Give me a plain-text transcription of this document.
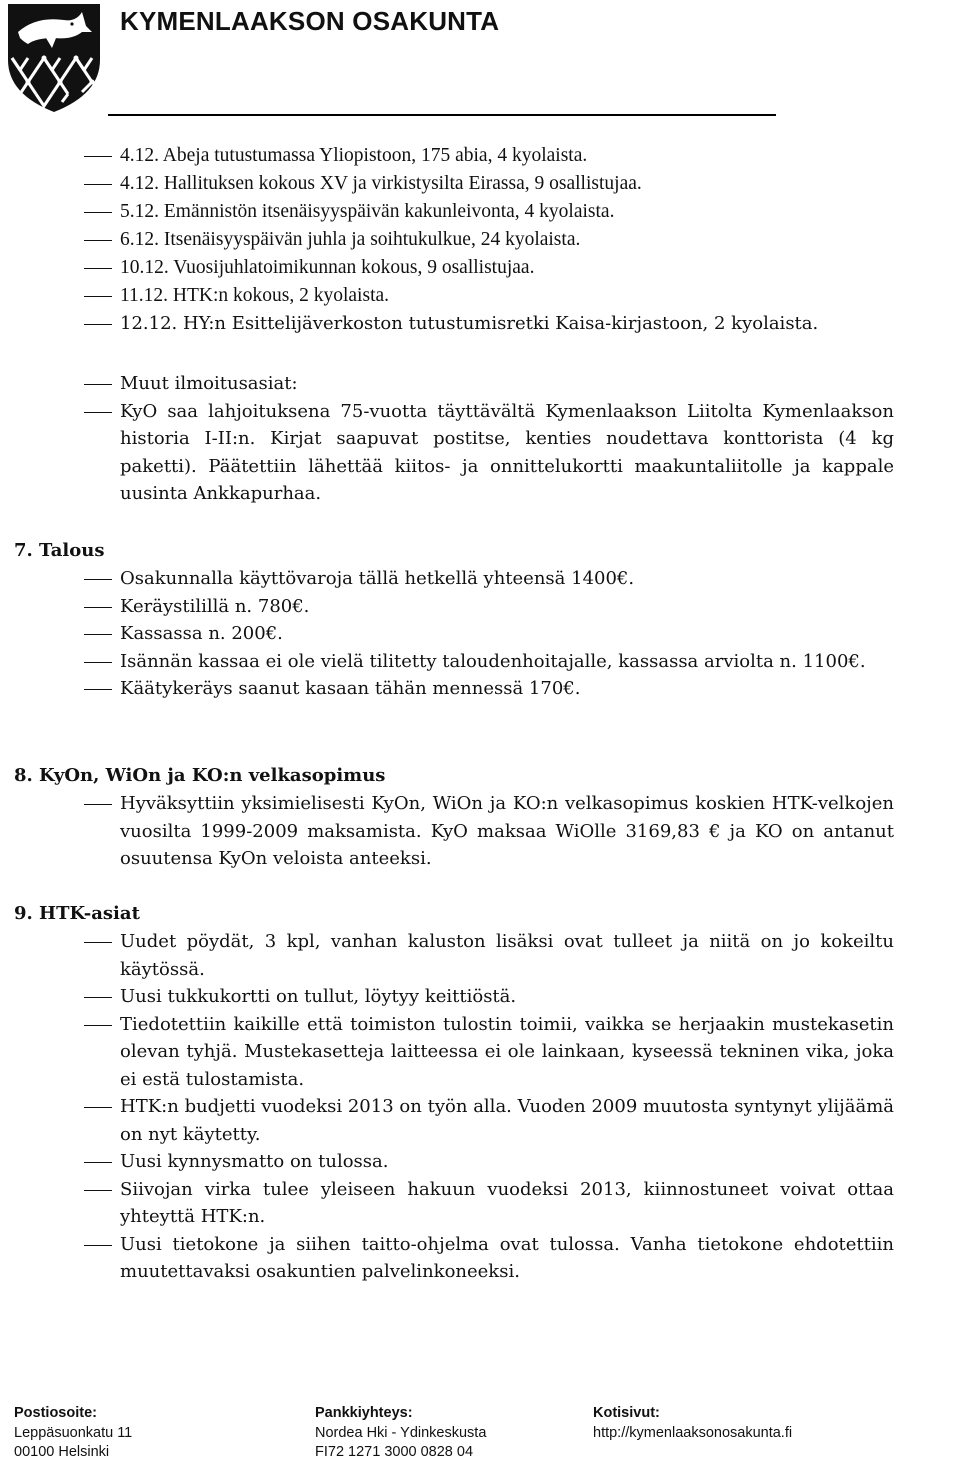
KYMENLAAKSON OSAKUNTA
4.12. Abeja tutustumassa Yliopistoon, 175 abia, 4 kyolaista.
4.12. Hallituksen kokous XV ja virkistysilta Eirassa, 9 osallistujaa.
5.12. Emännistön itsenäisyyspäivän kakunleivonta, 4 kyolaista.
6.12. Itsenäisyyspäivän juhla ja soihtukulkue, 24 kyolaista.
10.12. Vuosijuhlatoimikunnan kokous, 9 osallistujaa.
11.12. HTK:n kokous, 2 kyolaista.
12.12. HY:n Esittelijäverkoston tutustumisretki Kaisa-kirjastoon, 2 kyolaista.
Muut ilmoitusasiat:
KyO saa lahjoituksena 75-vuotta täyttävältä Kymenlaakson Liitolta Kymenlaakson historia I-II:n. Kirjat saapuvat postitse, kenties noudettava konttorista (4 kg paketti). Päätettiin lähettää kiitos- ja onnittelukortti maakuntaliitolle ja kappale uusinta Ankkapurhaa.
7. Talous
Osakunnalla käyttövaroja tällä hetkellä yhteensä 1400€.
Keräystilillä n. 780€.
Kassassa n. 200€.
Isännän kassaa ei ole vielä tilitetty taloudenhoitajalle, kassassa arviolta n. 1100€.
Käätykeräys saanut kasaan tähän mennessä 170€.
8. KyOn, WiOn ja KO:n velkasopimus
Hyväksyttiin yksimielisesti KyOn, WiOn ja KO:n velkasopimus koskien HTK-velkojen vuosilta 1999-2009 maksamista. KyO maksaa WiOlle 3169,83 € ja KO on antanut osuutensa KyOn veloista anteeksi.
9. HTK-asiat
Uudet pöydät, 3 kpl, vanhan kaluston lisäksi ovat tulleet ja niitä on jo kokeiltu käytössä.
Uusi tukkukortti on tullut, löytyy keittiöstä.
Tiedotettiin kaikille että toimiston tulostin toimii, vaikka se herjaakin mustekasetin olevan tyhjä. Mustekasetteja laitteessa ei ole lainkaan, kyseessä tekninen vika, joka ei estä tulostamista.
HTK:n budjetti vuodeksi 2013 on työn alla. Vuoden 2009 muutosta syntynyt ylijäämä on nyt käytetty.
Uusi kynnysmatto on tulossa.
Siivojan virka tulee yleiseen hakuun vuodeksi 2013, kiinnostuneet voivat ottaa yhteyttä HTK:n.
Uusi tietokone ja siihen taitto-ohjelma ovat tulossa. Vanha tietokone ehdotettiin muutettavaksi osakuntien palvelinkoneeksi.
Postiosoite:
Leppäsuonkatu 11
00100 Helsinki
Pankkiyhteys:
Nordea Hki - Ydinkeskusta
FI72 1271 3000 0828 04
Kotisivut:
http://kymenlaaksonosakunta.fi
